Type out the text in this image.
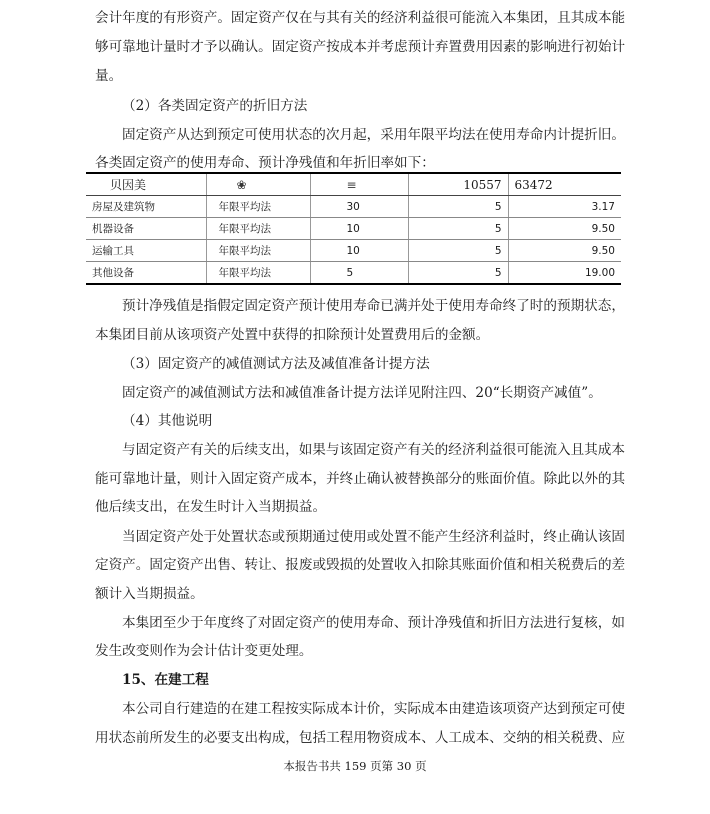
会计年度的有形资产。固定资产仅在与其有关的经济利益很可能流入本集团，且其成本能
够可靠地计量时才予以确认。固定资产按成本并考虑预计弃置费用因素的影响进行初始计
量。
（2）各类固定资产的折旧方法
固定资产从达到预定可使用状态的次月起，采用年限平均法在使用寿命内计提折旧。
各类固定资产的使用寿命、预计净残值和年折旧率如下：
贝因美	❀	≡	10557	63472
房屋及建筑物	年限平均法	30	5	3.17
机器设备	年限平均法	10	5	9.50
运输工具	年限平均法	10	5	9.50
其他设备	年限平均法	5	5	19.00
预计净残值是指假定固定资产预计使用寿命已满并处于使用寿命终了时的预期状态，
本集团目前从该项资产处置中获得的扣除预计处置费用后的金额。
（3）固定资产的减值测试方法及减值准备计提方法
固定资产的减值测试方法和减值准备计提方法详见附注四、20“长期资产减值”。
（4）其他说明
与固定资产有关的后续支出，如果与该固定资产有关的经济利益很可能流入且其成本
能可靠地计量，则计入固定资产成本，并终止确认被替换部分的账面价值。除此以外的其
他后续支出，在发生时计入当期损益。
当固定资产处于处置状态或预期通过使用或处置不能产生经济利益时，终止确认该固
定资产。固定资产出售、转让、报废或毁损的处置收入扣除其账面价值和相关税费后的差
额计入当期损益。
本集团至少于年度终了对固定资产的使用寿命、预计净残值和折旧方法进行复核，如
发生改变则作为会计估计变更处理。
15、在建工程
本公司自行建造的在建工程按实际成本计价，实际成本由建造该项资产达到预定可使
用状态前所发生的必要支出构成，包括工程用物资成本、人工成本、交纳的相关税费、应
本报告书共 159 页第 30 页
